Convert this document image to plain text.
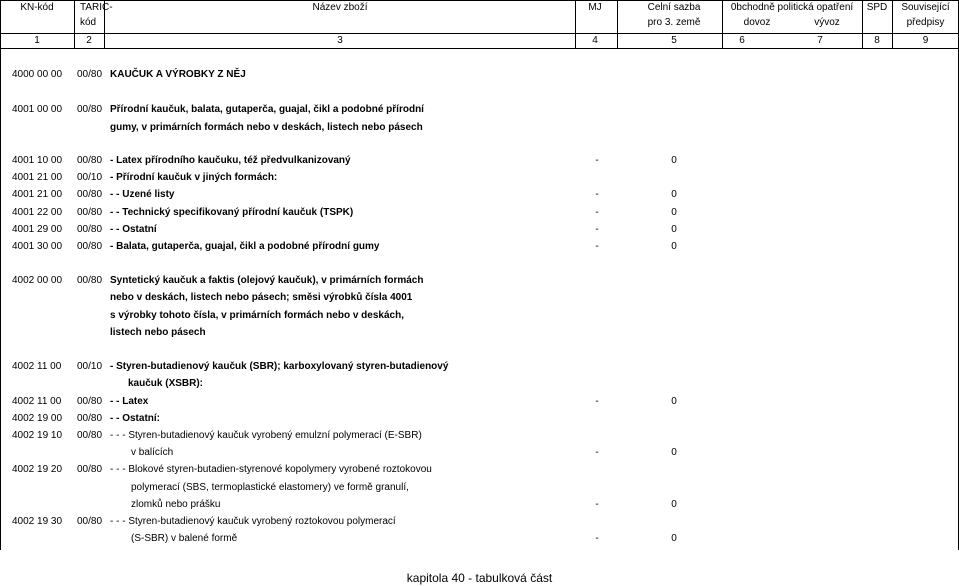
KN-kód	TARIC-	Název zboží	MJ	Celní sazba	0bchodně politická opatření	SPD	Související
kód	pro 3. země	dovoz	vývoz	předpisy
1	2	3	4	5	6	7	8	9
4000 00 00	00/80 KAUČUK A VÝROBKY Z NĚJ
4001 00 00	00/80 Přírodní kaučuk, balata, gutaperča, guajal, čikl a podobné přírodní
gumy, v primárních formách nebo v deskách, listech nebo pásech
4001 10 00	00/80 - Latex přírodního kaučuku, též předvulkanizovaný	-	0
4001 21 00	00/10 - Přírodní kaučuk v jiných formách:
4001 21 00	00/80 - - Uzené listy	-	0
4001 22 00	00/80 - - Technický specifikovaný přírodní kaučuk (TSPK)	-	0
4001 29 00	00/80 - - Ostatní	-	0
4001 30 00	00/80 - Balata, gutaperča, guajal, čikl a podobné přírodní gumy	-	0
4002 00 00	00/80 Syntetický kaučuk a faktis (olejový kaučuk), v primárních formách
nebo v deskách, listech nebo pásech; směsi výrobků čísla 4001
s výrobky tohoto čísla, v primárních formách nebo v deskách,
listech nebo pásech
4002 11 00	00/10 - Styren-butadienový kaučuk (SBR); karboxylovaný styren-butadienový
kaučuk (XSBR):
4002 11 00	00/80 - - Latex	-	0
4002 19 00	00/80 - - Ostatní:
4002 19 10	00/80 - - - Styren-butadienový kaučuk vyrobený emulzní polymerací (E-SBR)
v balících	-	0
4002 19 20	00/80 - - - Blokové styren-butadien-styrenové kopolymery vyrobené roztokovou
polymerací (SBS, termoplastické elastomery) ve formě granulí,
zlomků nebo prášku	-	0
4002 19 30	00/80 - - - Styren-butadienový kaučuk vyrobený roztokovou polymerací
(S-SBR) v balené formě	-	0
kapitola 40 - tabulková část
